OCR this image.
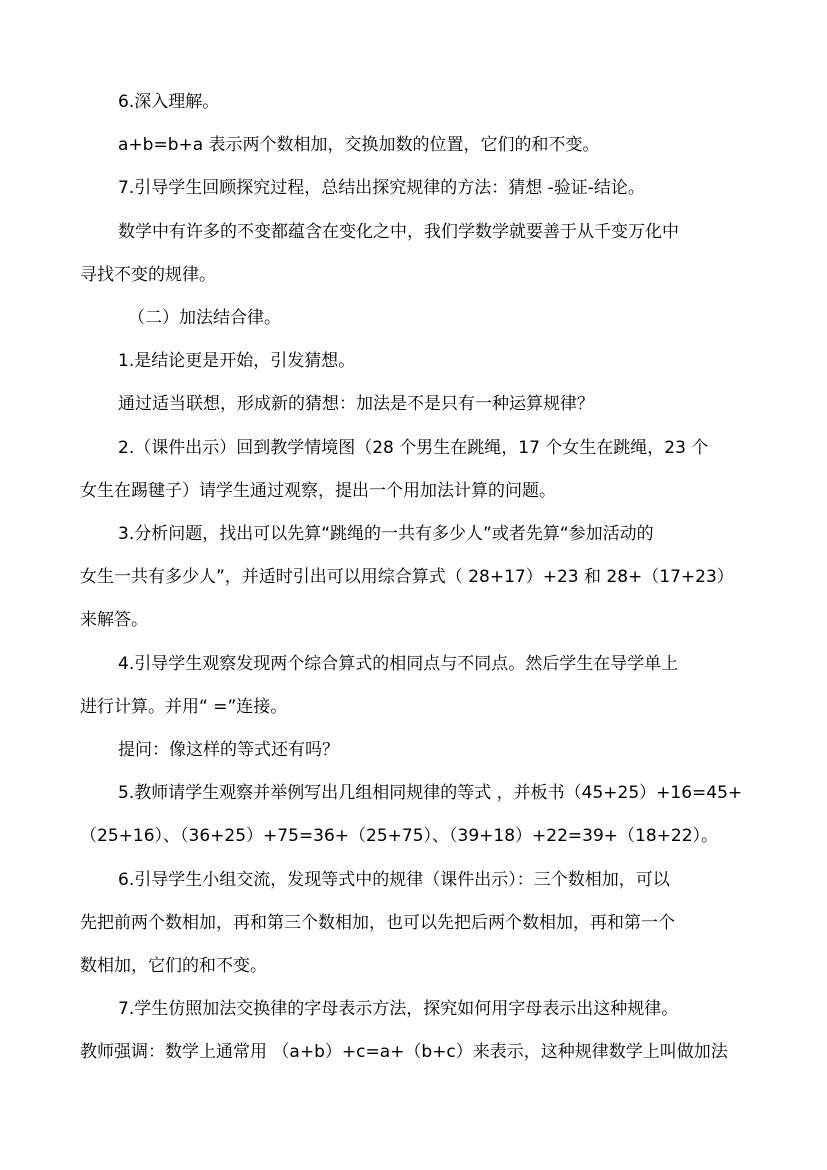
6.深入理解。
a+b=b+a 表示两个数相加，交换加数的位置，它们的和不变。
7.引导学生回顾探究过程，总结出探究规律的方法：猜想 -验证-结论。
数学中有许多的不变都蕴含在变化之中，我们学数学就要善于从千变万化中
寻找不变的规律。
（二）加法结合律。
1.是结论更是开始，引发猜想。
通过适当联想，形成新的猜想：加法是不是只有一种运算规律？
2.（课件出示）回到教学情境图（28 个男生在跳绳，17 个女生在跳绳，23 个
女生在踢毽子）请学生通过观察，提出一个用加法计算的问题。
3.分析问题，找出可以先算“跳绳的一共有多少人”或者先算“参加活动的
女生一共有多少人”，并适时引出可以用综合算式（ 28+17）+23 和 28+（17+23）
来解答。
4.引导学生观察发现两个综合算式的相同点与不同点。然后学生在导学单上
进行计算。并用“ =”连接。
提问：像这样的等式还有吗？
5.教师请学生观察并举例写出几组相同规律的等式 ，并板书（45+25）+16=45+
（25+16）、（36+25）+75=36+（25+75）、（39+18）+22=39+（18+22）。
6.引导学生小组交流，发现等式中的规律（课件出示）：三个数相加，可以
先把前两个数相加，再和第三个数相加，也可以先把后两个数相加，再和第一个
数相加，它们的和不变。
7.学生仿照加法交换律的字母表示方法，探究如何用字母表示出这种规律。
教师强调：数学上通常用 （a+b）+c=a+（b+c）来表示，这种规律数学上叫做加法
